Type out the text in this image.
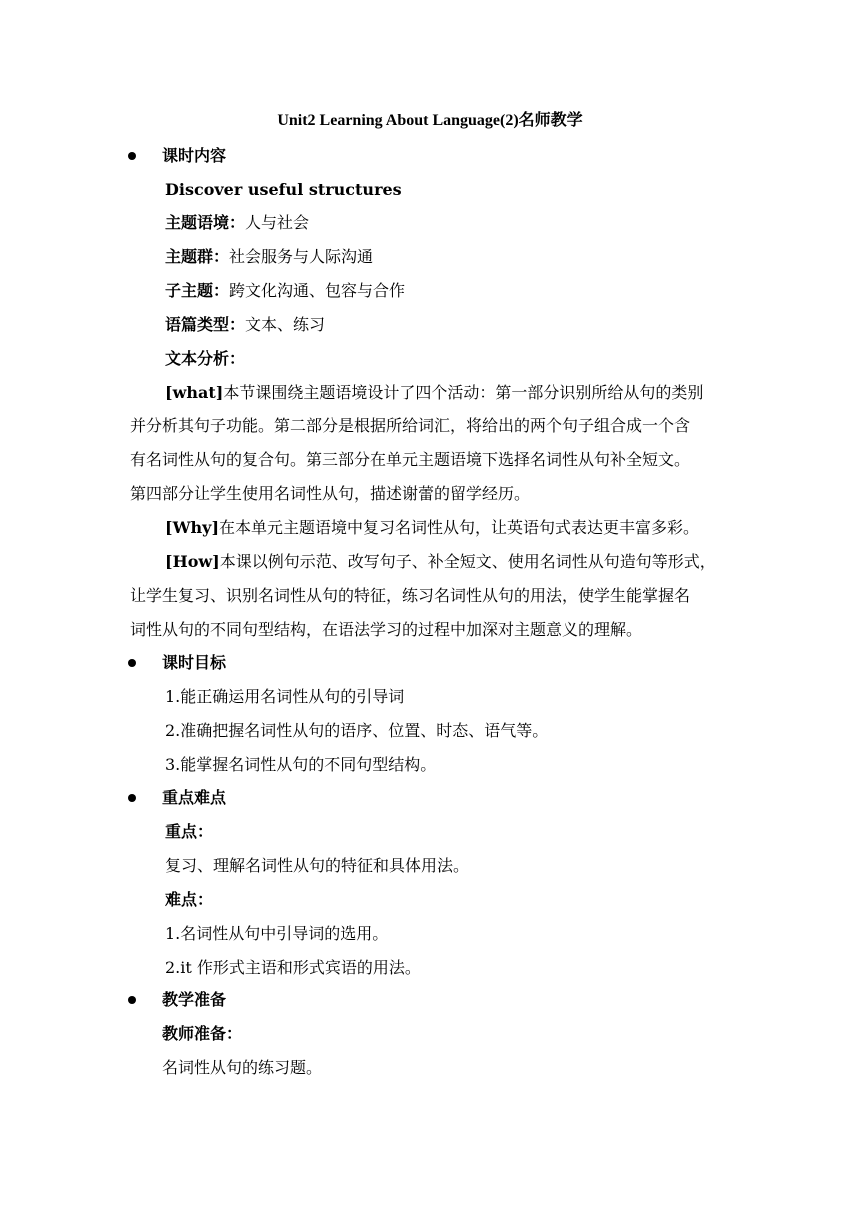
Unit2 Learning About Language(2)名师教学
课时内容
Discover useful structures
主题语境：人与社会
主题群：社会服务与人际沟通
子主题：跨文化沟通、包容与合作
语篇类型：文本、练习
文本分析：
[what]本节课围绕主题语境设计了四个活动：第一部分识别所给从句的类别
并分析其句子功能。第二部分是根据所给词汇，将给出的两个句子组合成一个含
有名词性从句的复合句。第三部分在单元主题语境下选择名词性从句补全短文。
第四部分让学生使用名词性从句，描述谢蕾的留学经历。
[Why]在本单元主题语境中复习名词性从句，让英语句式表达更丰富多彩。
[How]本课以例句示范、改写句子、补全短文、使用名词性从句造句等形式，
让学生复习、识别名词性从句的特征，练习名词性从句的用法，使学生能掌握名
词性从句的不同句型结构，在语法学习的过程中加深对主题意义的理解。
课时目标
1.能正确运用名词性从句的引导词
2.准确把握名词性从句的语序、位置、时态、语气等。
3.能掌握名词性从句的不同句型结构。
重点难点
重点：
复习、理解名词性从句的特征和具体用法。
难点：
1.名词性从句中引导词的选用。
2.it 作形式主语和形式宾语的用法。
教学准备
教师准备：
名词性从句的练习题。
